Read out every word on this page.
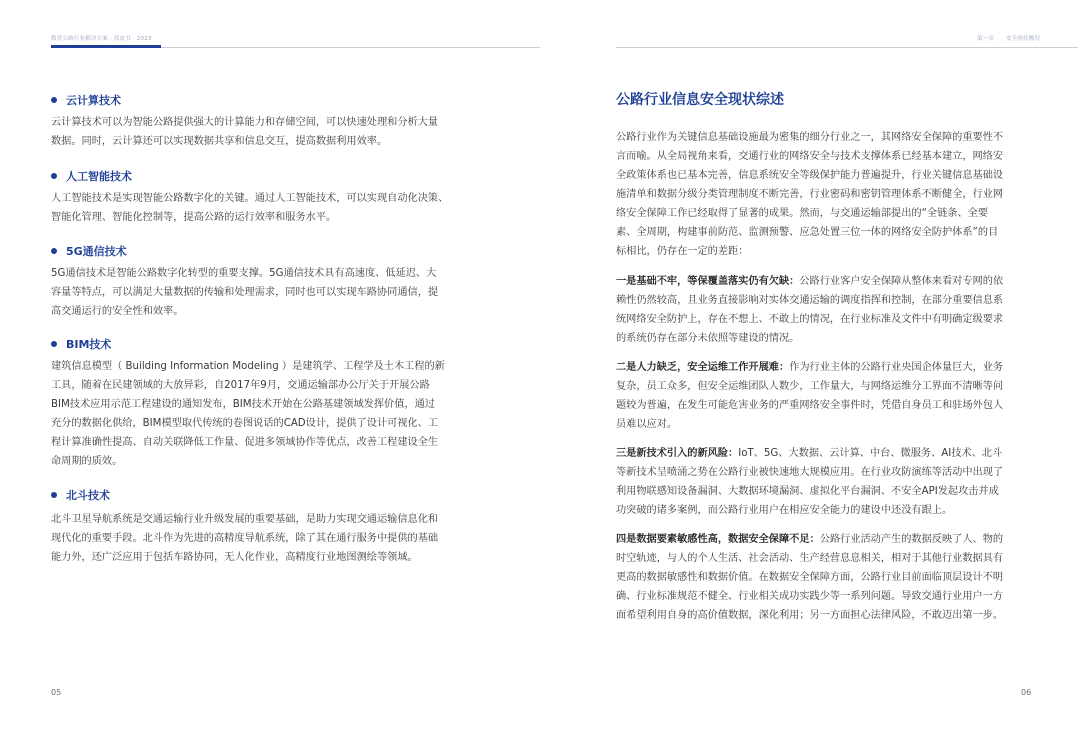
数智公路行业解决方案 · 蓝皮书 · 2023
云计算技术
云计算技术可以为智能公路提供强大的计算能力和存储空间，可以快速处理和分析大量
数据。同时，云计算还可以实现数据共享和信息交互，提高数据利用效率。
人工智能技术
人工智能技术是实现智能公路数字化的关键。通过人工智能技术，可以实现自动化决策、
智能化管理、智能化控制等，提高公路的运行效率和服务水平。
5G通信技术
5G通信技术是智能公路数字化转型的重要支撑。5G通信技术具有高速度、低延迟、大
容量等特点，可以满足大量数据的传输和处理需求，同时也可以实现车路协同通信，提
高交通运行的安全性和效率。
BIM技术
建筑信息模型（ Building Information Modeling ）是建筑学、工程学及土木工程的新
工具，随着在民建领域的大放异彩，自2017年9月，交通运输部办公厅关于开展公路
BIM技术应用示范工程建设的通知发布，BIM技术开始在公路基建领域发挥价值，通过
充分的数据化供给，BIM模型取代传统的卷图说话的CAD设计，提供了设计可视化、工
程计算准确性提高、自动关联降低工作量、促进多领域协作等优点，改善工程建设全生
命周期的质效。
北斗技术
北斗卫星导航系统是交通运输行业升级发展的重要基础，是助力实现交通运输信息化和
现代化的重要手段。北斗作为先进的高精度导航系统，除了其在通行服务中提供的基础
能力外，还广泛应用于包括车路协同，无人化作业，高精度行业地图测绘等领域。
05
第一章 安全现状概况
06
公路行业信息安全现状综述
公路行业作为关键信息基础设施最为密集的细分行业之一，其网络安全保障的重要性不
言而喻。从全局视角来看，交通行业的网络安全与技术支撑体系已经基本建立，网络安
全政策体系也已基本完善，信息系统安全等级保护能力普遍提升，行业关键信息基础设
施清单和数据分级分类管理制度不断完善，行业密码和密钥管理体系不断健全，行业网
络安全保障工作已经取得了显著的成果。然而，与交通运输部提出的“全链条、全要
素、全周期，构建事前防范、监测预警、应急处置三位一体的网络安全防护体系”的目
标相比，仍存在一定的差距：
一是基础不牢，等保覆盖落实仍有欠缺：公路行业客户安全保障从整体来看对专网的依
赖性仍然较高，且业务直接影响对实体交通运输的调度指挥和控制，在部分重要信息系
统网络安全防护上，存在不想上、不敢上的情况，在行业标准及文件中有明确定级要求
的系统仍存在部分未依照等建设的情况。
二是人力缺乏，安全运维工作开展难：作为行业主体的公路行业央国企体量巨大，业务
复杂，员工众多，但安全运维团队人数少，工作量大，与网络运维分工界面不清晰等问
题较为普遍，在发生可能危害业务的严重网络安全事件时，凭借自身员工和驻场外包人
员难以应对。
三是新技术引入的新风险：IoT、5G、大数据、云计算、中台、微服务、AI技术、北斗
等新技术呈喷涌之势在公路行业被快速地大规模应用。在行业攻防演练等活动中出现了
利用物联感知设备漏洞、大数据环境漏洞、虚拟化平台漏洞、不安全API发起攻击并成
功突破的诸多案例，而公路行业用户在相应安全能力的建设中还没有跟上。
四是数据要素敏感性高，数据安全保障不足：公路行业活动产生的数据反映了人、物的
时空轨迹，与人的个人生活、社会活动、生产经营息息相关，相对于其他行业数据具有
更高的数据敏感性和数据价值。在数据安全保障方面，公路行业目前面临顶层设计不明
确、行业标准规范不健全、行业相关成功实践少等一系列问题。导致交通行业用户一方
面希望利用自身的高价值数据，深化利用；另一方面担心法律风险，不敢迈出第一步。
